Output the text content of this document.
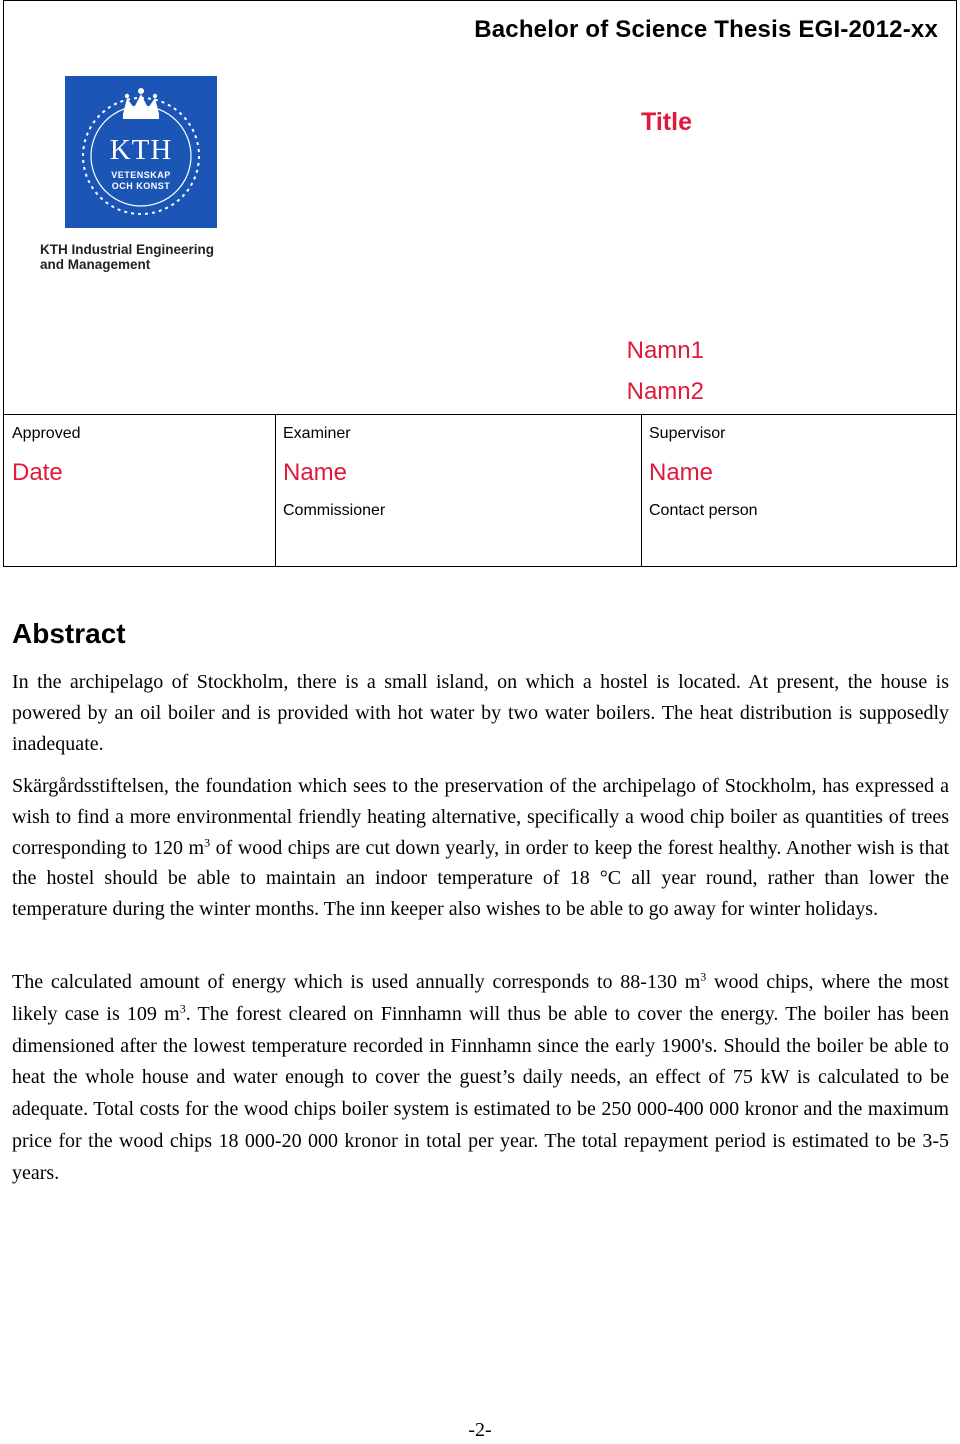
Bachelor of Science Thesis EGI-2012-xx
Title
KTH
VETENSKAP
OCH KONST
KTH Industrial Engineering
and Management
Namn1
Namn2
Approved
Date
Examiner
Name
Commissioner
Supervisor
Name
Contact person
Abstract

In the archipelago of Stockholm, there is a small island, on which a hostel is located. At present, the house is powered by an oil boiler and is provided with hot water by two water boilers. The heat distribution is supposedly inadequate.

Skärgårdsstiftelsen, the foundation which sees to the preservation of the archipelago of Stockholm, has expressed a wish to find a more environmental friendly heating alternative, specifically a wood chip boiler as quantities of trees corresponding to 120 $m^3$ of wood chips are cut down yearly, in order to keep the forest healthy. Another wish is that the hostel should be able to maintain an indoor temperature of 18 °C all year round, rather than lower the temperature during the winter months. The inn keeper also wishes to be able to go away for winter holidays.

The calculated amount of energy which is used annually corresponds to 88-130 $m^3$ wood chips, where the most likely case is 109 $m^3$. The forest cleared on Finnhamn will thus be able to cover the energy. The boiler has been dimensioned after the lowest temperature recorded in Finnhamn since the early 1900's. Should the boiler be able to heat the whole house and water enough to cover the guest’s daily needs, an effect of 75 kW is calculated to be adequate. Total costs for the wood chips boiler system is estimated to be 250 000-400 000 kronor and the maximum price for the wood chips 18 000-20 000 kronor in total per year. The total repayment period is estimated to be 3-5 years.

-2-
